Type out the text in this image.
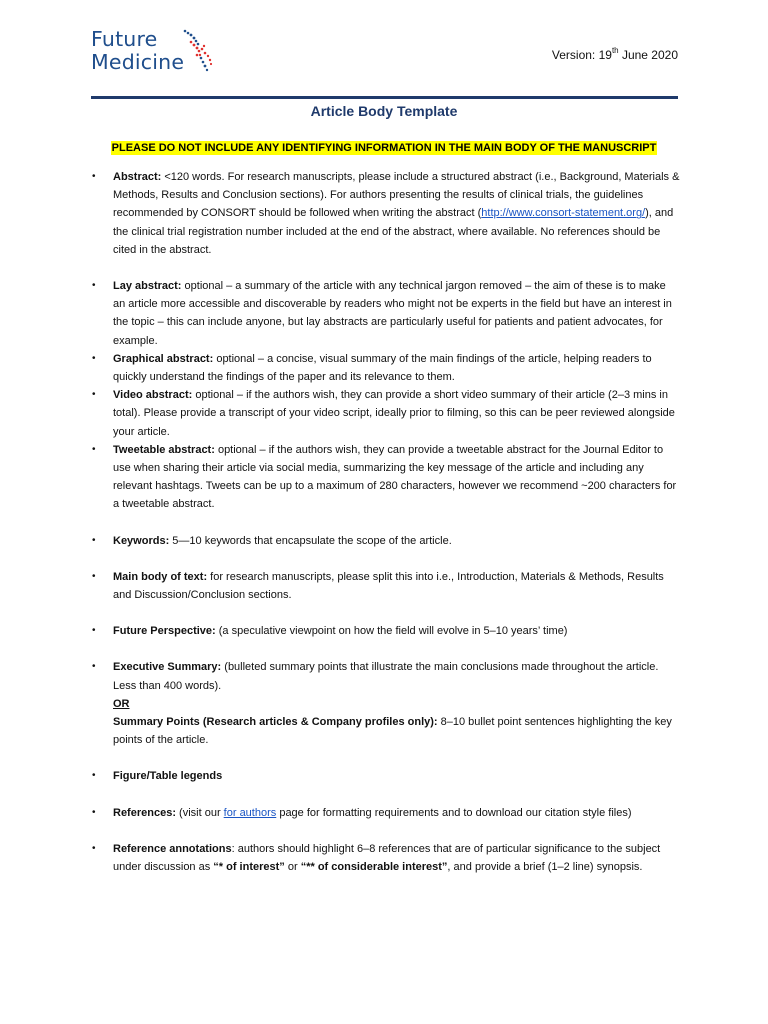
Future
Medicine	Version: 19th June 2020
Article Body Template
PLEASE DO NOT INCLUDE ANY IDENTIFYING INFORMATION IN THE MAIN BODY OF THE MANUSCRIPT
• Abstract: <120 words. For research manuscripts, please include a structured abstract (i.e., Background, Materials & Methods, Results and Conclusion sections). For authors presenting the results of clinical trials, the guidelines recommended by CONSORT should be followed when writing the abstract (http://www.consort-statement.org/), and the clinical trial registration number included at the end of the abstract, where available. No references should be cited in the abstract.
• Lay abstract: optional – a summary of the article with any technical jargon removed – the aim of these is to make an article more accessible and discoverable by readers who might not be experts in the field but have an interest in the topic – this can include anyone, but lay abstracts are particularly useful for patients and patient advocates, for example.
• Graphical abstract: optional – a concise, visual summary of the main findings of the article, helping readers to quickly understand the findings of the paper and its relevance to them.
• Video abstract: optional – if the authors wish, they can provide a short video summary of their article (2–3 mins in total). Please provide a transcript of your video script, ideally prior to filming, so this can be peer reviewed alongside your article.
• Tweetable abstract: optional – if the authors wish, they can provide a tweetable abstract for the Journal Editor to use when sharing their article via social media, summarizing the key message of the article and including any relevant hashtags. Tweets can be up to a maximum of 280 characters, however we recommend ~200 characters for a tweetable abstract.
• Keywords: 5—10 keywords that encapsulate the scope of the article.
• Main body of text: for research manuscripts, please split this into i.e., Introduction, Materials & Methods, Results and Discussion/Conclusion sections.
• Future Perspective: (a speculative viewpoint on how the field will evolve in 5–10 years’ time)
• Executive Summary: (bulleted summary points that illustrate the main conclusions made throughout the article. Less than 400 words).
OR
Summary Points (Research articles & Company profiles only): 8–10 bullet point sentences highlighting the key points of the article.
• Figure/Table legends
• References: (visit our for authors page for formatting requirements and to download our citation style files)
• Reference annotations: authors should highlight 6–8 references that are of particular significance to the subject under discussion as “* of interest” or “** of considerable interest”, and provide a brief (1–2 line) synopsis.
